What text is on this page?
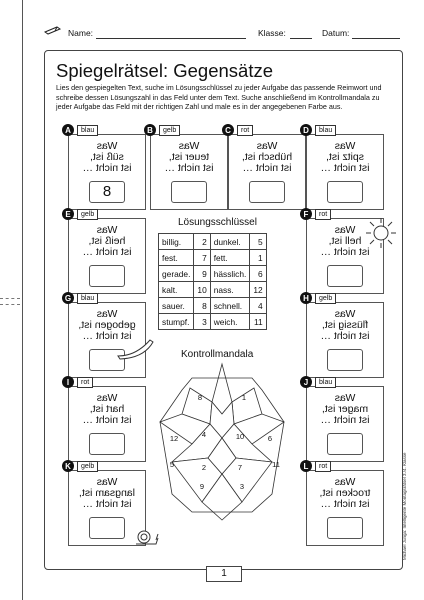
Name:	Klasse:	Datum:
Spiegelrätsel: Gegensätze
Lies den gespiegelten Text, suche im Lösungsschlüssel zu jeder Aufgabe das passende Reimwort und schreibe dessen Lösungszahl in das Feld unter dem Text. Suche anschließend im Kontrollmandala zu jeder Aufgabe das Feld mit der richtigen Zahl und male es in der angegebenen Farbe aus.
Was
süß ist,
ist nicht …
8
A	blau
Was
teuer ist,
ist nicht …
B	gelb
Was
hübsch ist,
ist nicht …
C	rot
Was
spitz ist,
ist nicht …
D	blau
Was
heiß ist,
ist nicht …
E	gelb
Was
hell ist,
ist nicht …
F	rot
Was
gebogen ist,
ist nicht …
G	blau
Was
flüssig ist,
ist nicht …
H	gelb
Was
hart ist,
ist nicht …
I	rot
Was
mager ist,
ist nicht …
J	blau
Was
langsam ist,
ist nicht …
K	gelb
Was
trocken ist,
ist nicht …
L	rot
Lösungsschlüssel
billig.	2	dunkel.	5
fest.	7	fett.	1
gerade.	9	hässlich.	6
kalt.	10	nass.	12
sauer.	8	schnell.	4
stumpf.	3	weich.	11
Kontrollmandala
8	1
12	4	10	6
5	2	7	11
9	3
1
Michael Junga: Intelligente Montagsrätsel 3./4. Klasse
